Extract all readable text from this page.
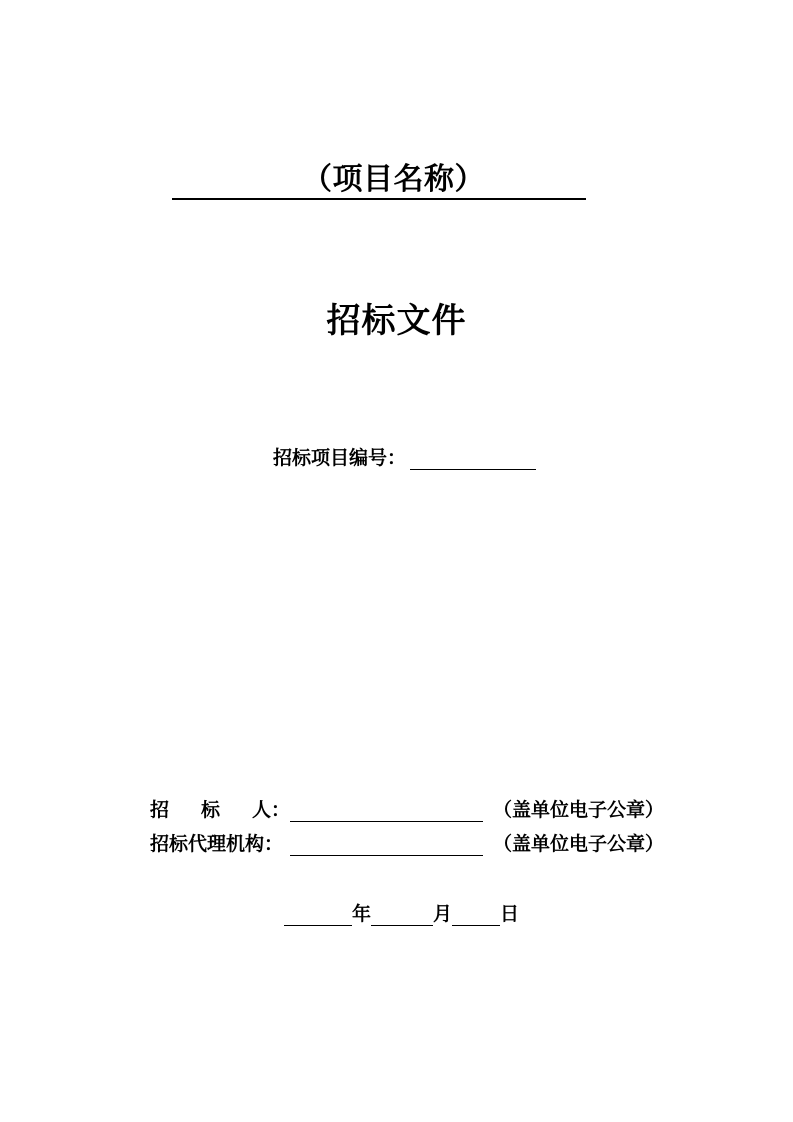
（项目名称）
招标文件
招标项目编号：
招 标 人：	（盖单位电子公章）
招标代理机构：	（盖单位电子公章）
年	月	日
